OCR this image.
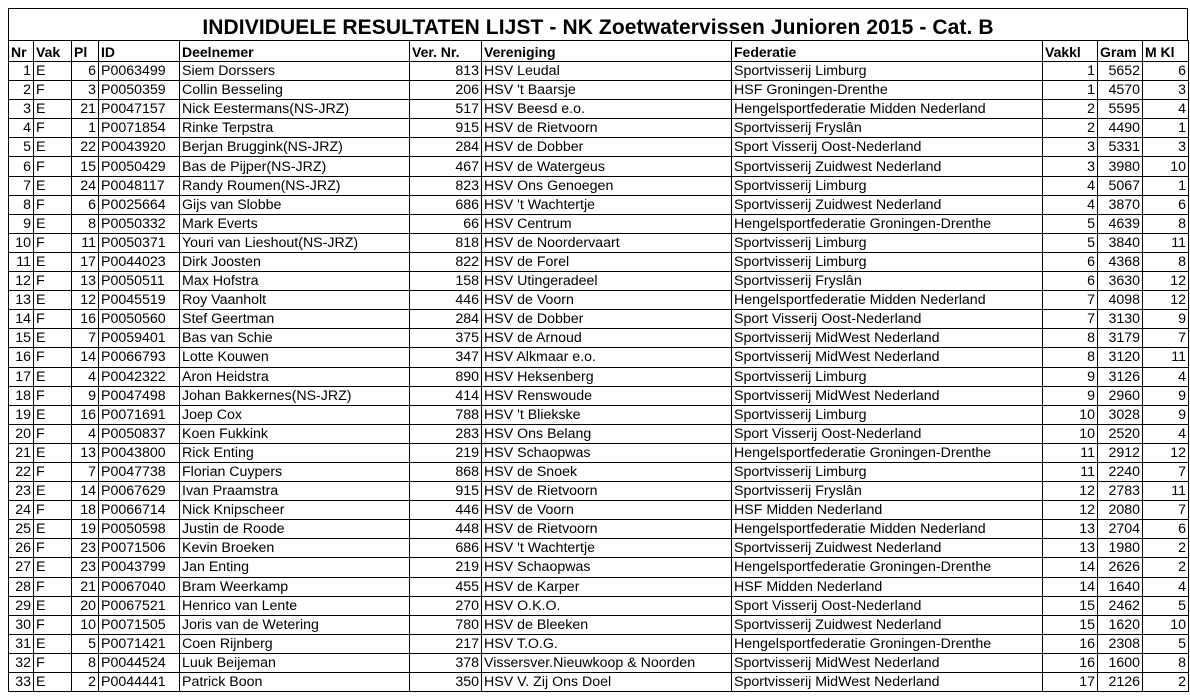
INDIVIDUELE RESULTATEN LIJST - NK Zoetwatervissen Junioren 2015 - Cat. B
Nr	Vak	Pl	ID	Deelnemer	Ver. Nr.	Vereniging	Federatie	Vakkl	Gram	M Kl
1	E	6	P0063499	Siem Dorssers	813	HSV Leudal	Sportvisserij Limburg	1	5652	6
2	F	3	P0050359	Collin Besseling	206	HSV 't Baarsje	HSF Groningen-Drenthe	1	4570	3
3	E	21	P0047157	Nick Eestermans(NS-JRZ)	517	HSV Beesd e.o.	Hengelsportfederatie Midden Nederland	2	5595	4
4	F	1	P0071854	Rinke Terpstra	915	HSV de Rietvoorn	Sportvisserij Fryslân	2	4490	1
5	E	22	P0043920	Berjan Bruggink(NS-JRZ)	284	HSV de Dobber	Sport Visserij Oost-Nederland	3	5331	3
6	F	15	P0050429	Bas de Pijper(NS-JRZ)	467	HSV de Watergeus	Sportvisserij Zuidwest Nederland	3	3980	10
7	E	24	P0048117	Randy Roumen(NS-JRZ)	823	HSV Ons Genoegen	Sportvisserij Limburg	4	5067	1
8	F	6	P0025664	Gijs van Slobbe	686	HSV 't Wachtertje	Sportvisserij Zuidwest Nederland	4	3870	6
9	E	8	P0050332	Mark Everts	66	HSV Centrum	Hengelsportfederatie Groningen-Drenthe	5	4639	8
10	F	11	P0050371	Youri van Lieshout(NS-JRZ)	818	HSV de Noordervaart	Sportvisserij Limburg	5	3840	11
11	E	17	P0044023	Dirk Joosten	822	HSV de Forel	Sportvisserij Limburg	6	4368	8
12	F	13	P0050511	Max Hofstra	158	HSV Utingeradeel	Sportvisserij Fryslân	6	3630	12
13	E	12	P0045519	Roy Vaanholt	446	HSV de Voorn	Hengelsportfederatie Midden Nederland	7	4098	12
14	F	16	P0050560	Stef Geertman	284	HSV de Dobber	Sport Visserij Oost-Nederland	7	3130	9
15	E	7	P0059401	Bas van Schie	375	HSV de Arnoud	Sportvisserij MidWest Nederland	8	3179	7
16	F	14	P0066793	Lotte Kouwen	347	HSV Alkmaar e.o.	Sportvisserij MidWest Nederland	8	3120	11
17	E	4	P0042322	Aron Heidstra	890	HSV Heksenberg	Sportvisserij Limburg	9	3126	4
18	F	9	P0047498	Johan Bakkernes(NS-JRZ)	414	HSV Renswoude	Sportvisserij MidWest Nederland	9	2960	9
19	E	16	P0071691	Joep Cox	788	HSV 't Bliekske	Sportvisserij Limburg	10	3028	9
20	F	4	P0050837	Koen Fukkink	283	HSV Ons Belang	Sport Visserij Oost-Nederland	10	2520	4
21	E	13	P0043800	Rick Enting	219	HSV Schaopwas	Hengelsportfederatie Groningen-Drenthe	11	2912	12
22	F	7	P0047738	Florian Cuypers	868	HSV de Snoek	Sportvisserij Limburg	11	2240	7
23	E	14	P0067629	Ivan Praamstra	915	HSV de Rietvoorn	Sportvisserij Fryslân	12	2783	11
24	F	18	P0066714	Nick Knipscheer	446	HSV de Voorn	HSF Midden Nederland	12	2080	7
25	E	19	P0050598	Justin de Roode	448	HSV de Rietvoorn	Hengelsportfederatie Midden Nederland	13	2704	6
26	F	23	P0071506	Kevin Broeken	686	HSV 't Wachtertje	Sportvisserij Zuidwest Nederland	13	1980	2
27	E	23	P0043799	Jan Enting	219	HSV Schaopwas	Hengelsportfederatie Groningen-Drenthe	14	2626	2
28	F	21	P0067040	Bram Weerkamp	455	HSV de Karper	HSF Midden Nederland	14	1640	4
29	E	20	P0067521	Henrico van Lente	270	HSV O.K.O.	Sport Visserij Oost-Nederland	15	2462	5
30	F	10	P0071505	Joris van de Wetering	780	HSV de Bleeken	Sportvisserij Zuidwest Nederland	15	1620	10
31	E	5	P0071421	Coen Rijnberg	217	HSV T.O.G.	Hengelsportfederatie Groningen-Drenthe	16	2308	5
32	F	8	P0044524	Luuk Beijeman	378	Vissersver.Nieuwkoop & Noorden	Sportvisserij MidWest Nederland	16	1600	8
33	E	2	P0044441	Patrick Boon	350	HSV V. Zij Ons Doel	Sportvisserij MidWest Nederland	17	2126	2
